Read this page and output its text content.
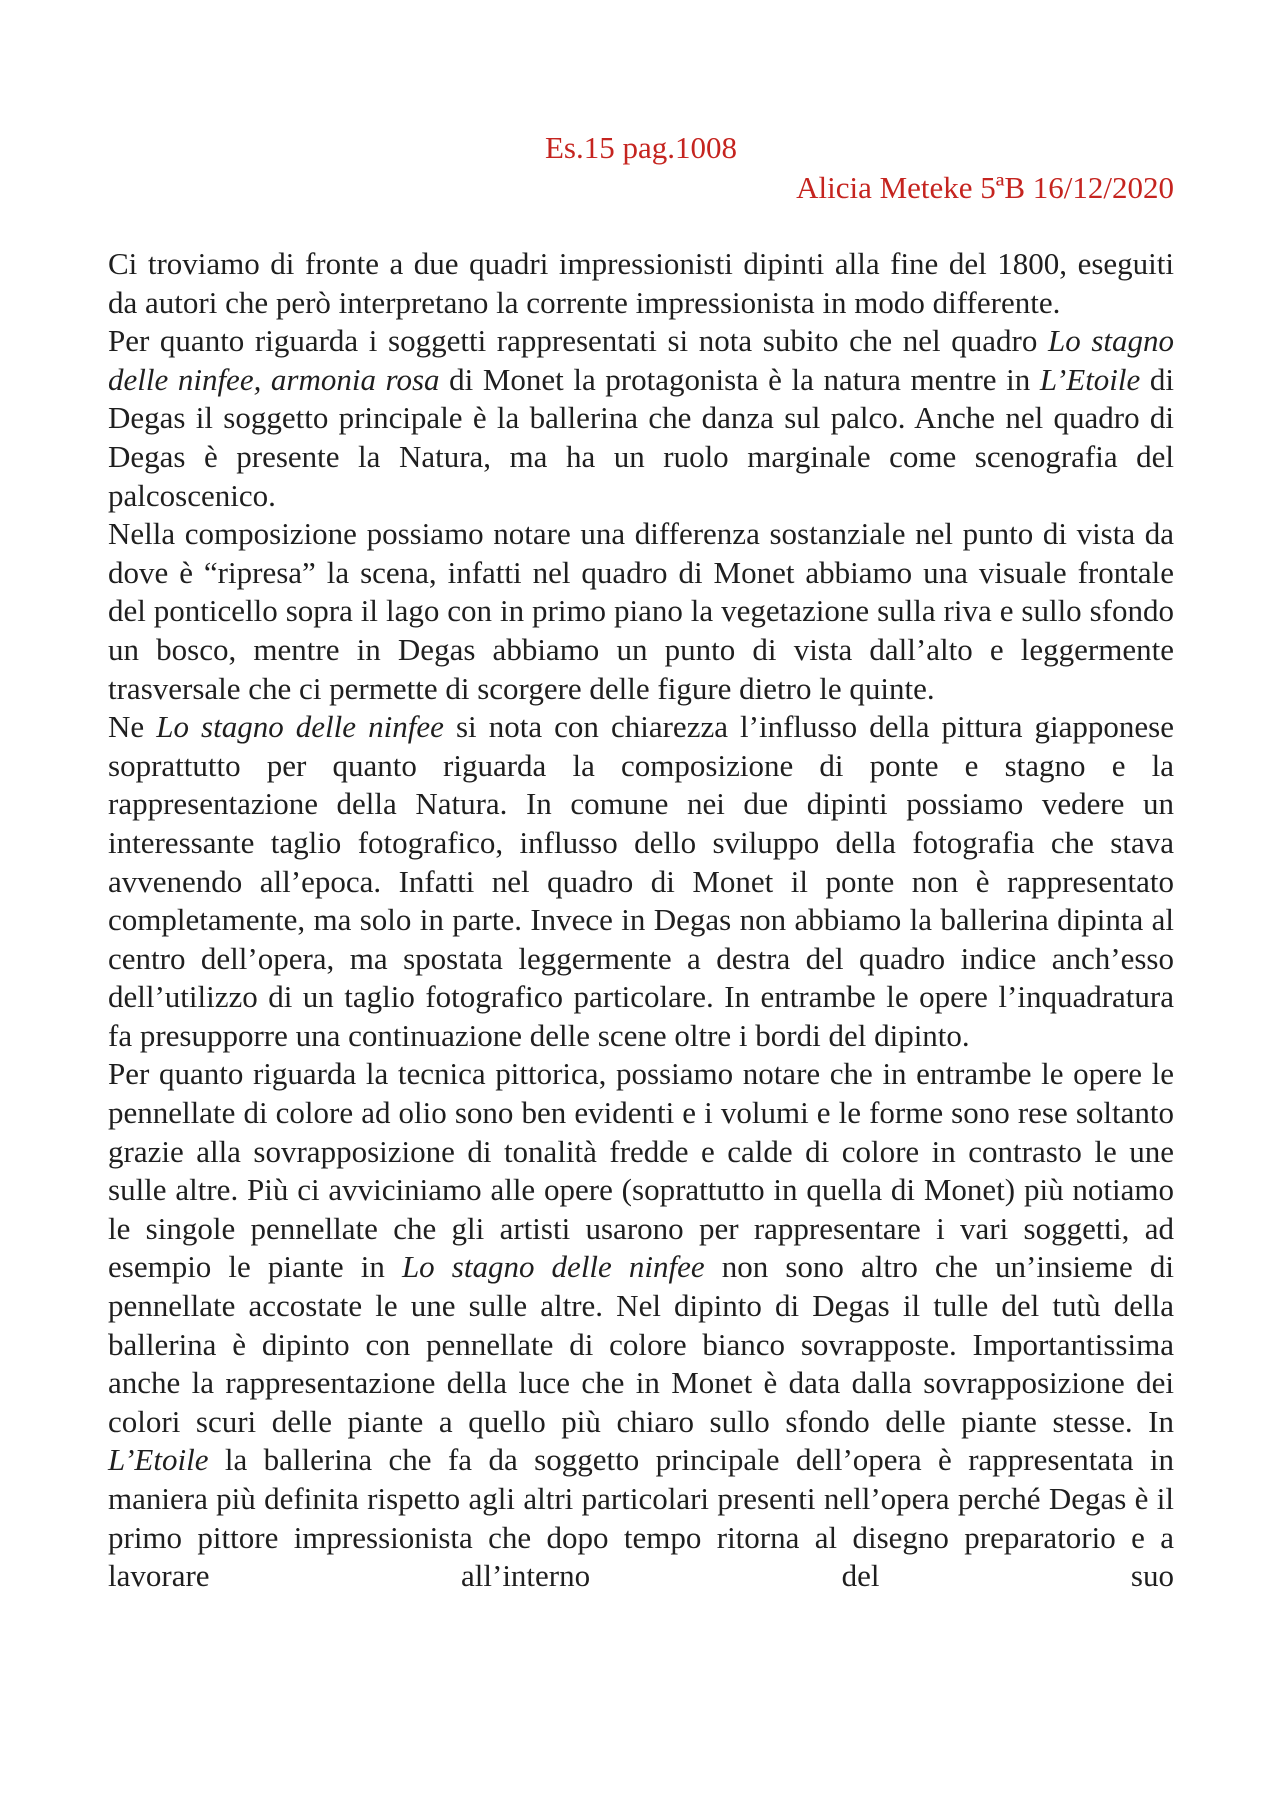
Es.15 pag.1008
Alicia Meteke 5ªB 16/12/2020

Ci troviamo di fronte a due quadri impressionisti dipinti alla fine del 1800, eseguiti da autori che però interpretano la corrente impressionista in modo differente.

Per quanto riguarda i soggetti rappresentati si nota subito che nel quadro Lo stagno delle ninfee, armonia rosa di Monet la protagonista è la natura mentre in L’Etoile di Degas il soggetto principale è la ballerina che danza sul palco. Anche nel quadro di Degas è presente la Natura, ma ha un ruolo marginale come scenografia del palcoscenico.

Nella composizione possiamo notare una differenza sostanziale nel punto di vista da dove è “ripresa” la scena, infatti nel quadro di Monet abbiamo una visuale frontale del ponticello sopra il lago con in primo piano la vegetazione sulla riva e sullo sfondo un bosco, mentre in Degas abbiamo un punto di vista dall’alto e leggermente trasversale che ci permette di scorgere delle figure dietro le quinte.

Ne Lo stagno delle ninfee si nota con chiarezza l’influsso della pittura giapponese soprattutto per quanto riguarda la composizione di ponte e stagno e la rappresentazione della Natura. In comune nei due dipinti possiamo vedere un interessante taglio fotografico, influsso dello sviluppo della fotografia che stava avvenendo all’epoca. Infatti nel quadro di Monet il ponte non è rappresentato completamente, ma solo in parte. Invece in Degas non abbiamo la ballerina dipinta al centro dell’opera, ma spostata leggermente a destra del quadro indice anch’esso dell’utilizzo di un taglio fotografico particolare. In entrambe le opere l’inquadratura fa presupporre una continuazione delle scene oltre i bordi del dipinto.

Per quanto riguarda la tecnica pittorica, possiamo notare che in entrambe le opere le pennellate di colore ad olio sono ben evidenti e i volumi e le forme sono rese soltanto grazie alla sovrapposizione di tonalità fredde e calde di colore in contrasto le une sulle altre. Più ci avviciniamo alle opere (soprattutto in quella di Monet) più notiamo le singole pennellate che gli artisti usarono per rappresentare i vari soggetti, ad esempio le piante in Lo stagno delle ninfee non sono altro che un’insieme di pennellate accostate le une sulle altre. Nel dipinto di Degas il tulle del tutù della ballerina è dipinto con pennellate di colore bianco sovrapposte. Importantissima anche la rappresentazione della luce che in Monet è data dalla sovrapposizione dei colori scuri delle piante a quello più chiaro sullo sfondo delle piante stesse. In L’Etoile la ballerina che fa da soggetto principale dell’opera è rappresentata in maniera più definita rispetto agli altri particolari presenti nell’opera perché Degas è il primo pittore impressionista che dopo tempo ritorna al disegno preparatorio e a lavorare all’interno del suo
